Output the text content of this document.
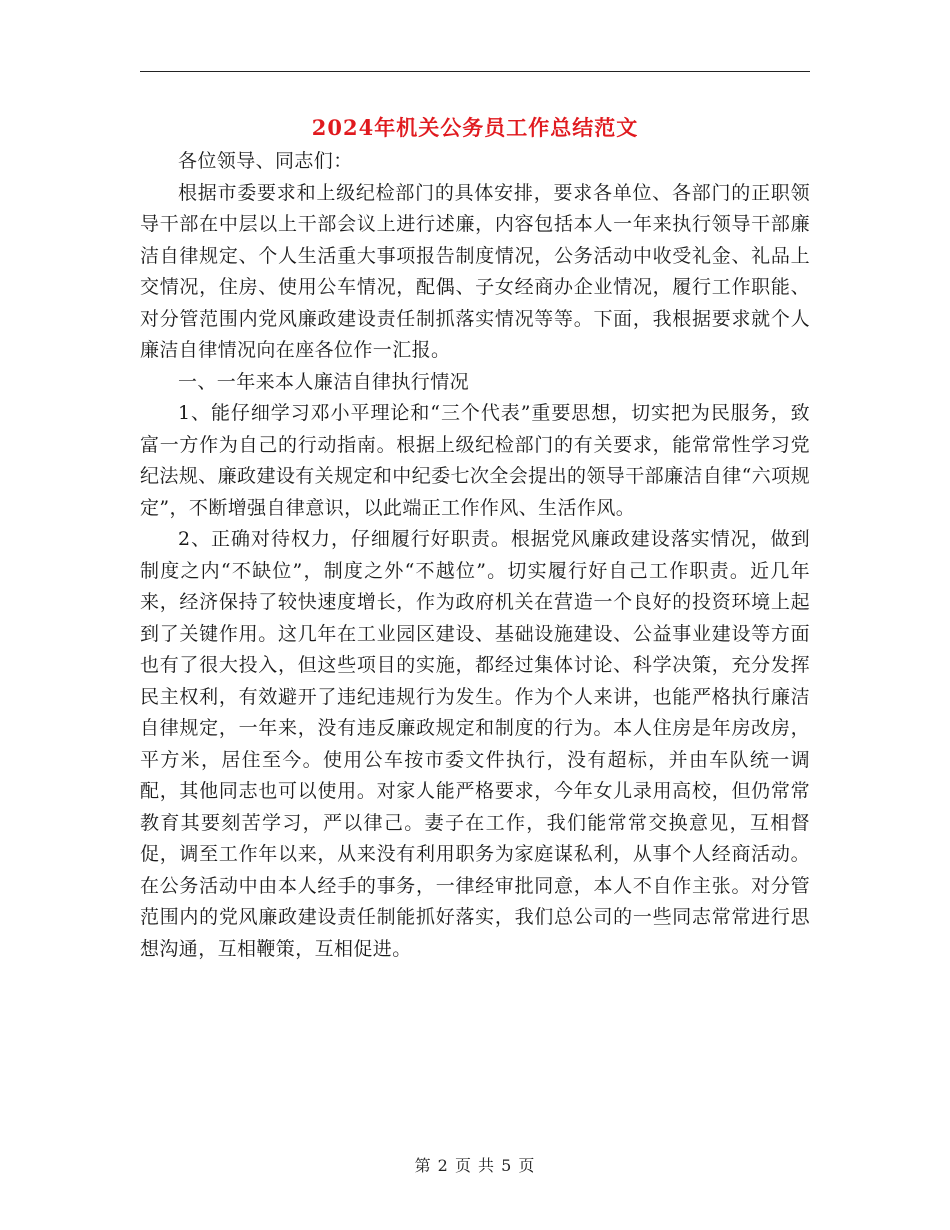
2024年机关公务员工作总结范文

各位领导、同志们：

根据市委要求和上级纪检部门的具体安排，要求各单位、各部门的正职领导干部在中层以上干部会议上进行述廉，内容包括本人一年来执行领导干部廉洁自律规定、个人生活重大事项报告制度情况，公务活动中收受礼金、礼品上交情况，住房、使用公车情况，配偶、子女经商办企业情况，履行工作职能、对分管范围内党风廉政建设责任制抓落实情况等等。下面，我根据要求就个人廉洁自律情况向在座各位作一汇报。

一、一年来本人廉洁自律执行情况

1、能仔细学习邓小平理论和“三个代表”重要思想，切实把为民服务，致富一方作为自己的行动指南。根据上级纪检部门的有关要求，能常常性学习党纪法规、廉政建设有关规定和中纪委七次全会提出的领导干部廉洁自律“六项规定”，不断增强自律意识，以此端正工作作风、生活作风。

2、正确对待权力，仔细履行好职责。根据党风廉政建设落实情况，做到制度之内“不缺位”，制度之外“不越位”。切实履行好自己工作职责。近几年来，经济保持了较快速度增长，作为政府机关在营造一个良好的投资环境上起到了关键作用。这几年在工业园区建设、基础设施建设、公益事业建设等方面也有了很大投入，但这些项目的实施，都经过集体讨论、科学决策，充分发挥民主权利，有效避开了违纪违规行为发生。作为个人来讲，也能严格执行廉洁自律规定，一年来，没有违反廉政规定和制度的行为。本人住房是年房改房，平方米，居住至今。使用公车按市委文件执行，没有超标，并由车队统一调配，其他同志也可以使用。对家人能严格要求，今年女儿录用高校，但仍常常教育其要刻苦学习，严以律己。妻子在工作，我们能常常交换意见，互相督促，调至工作年以来，从来没有利用职务为家庭谋私利，从事个人经商活动。在公务活动中由本人经手的事务，一律经审批同意，本人不自作主张。对分管范围内的党风廉政建设责任制能抓好落实，我们总公司的一些同志常常进行思想沟通，互相鞭策，互相促进。

第 2 页 共 5 页
